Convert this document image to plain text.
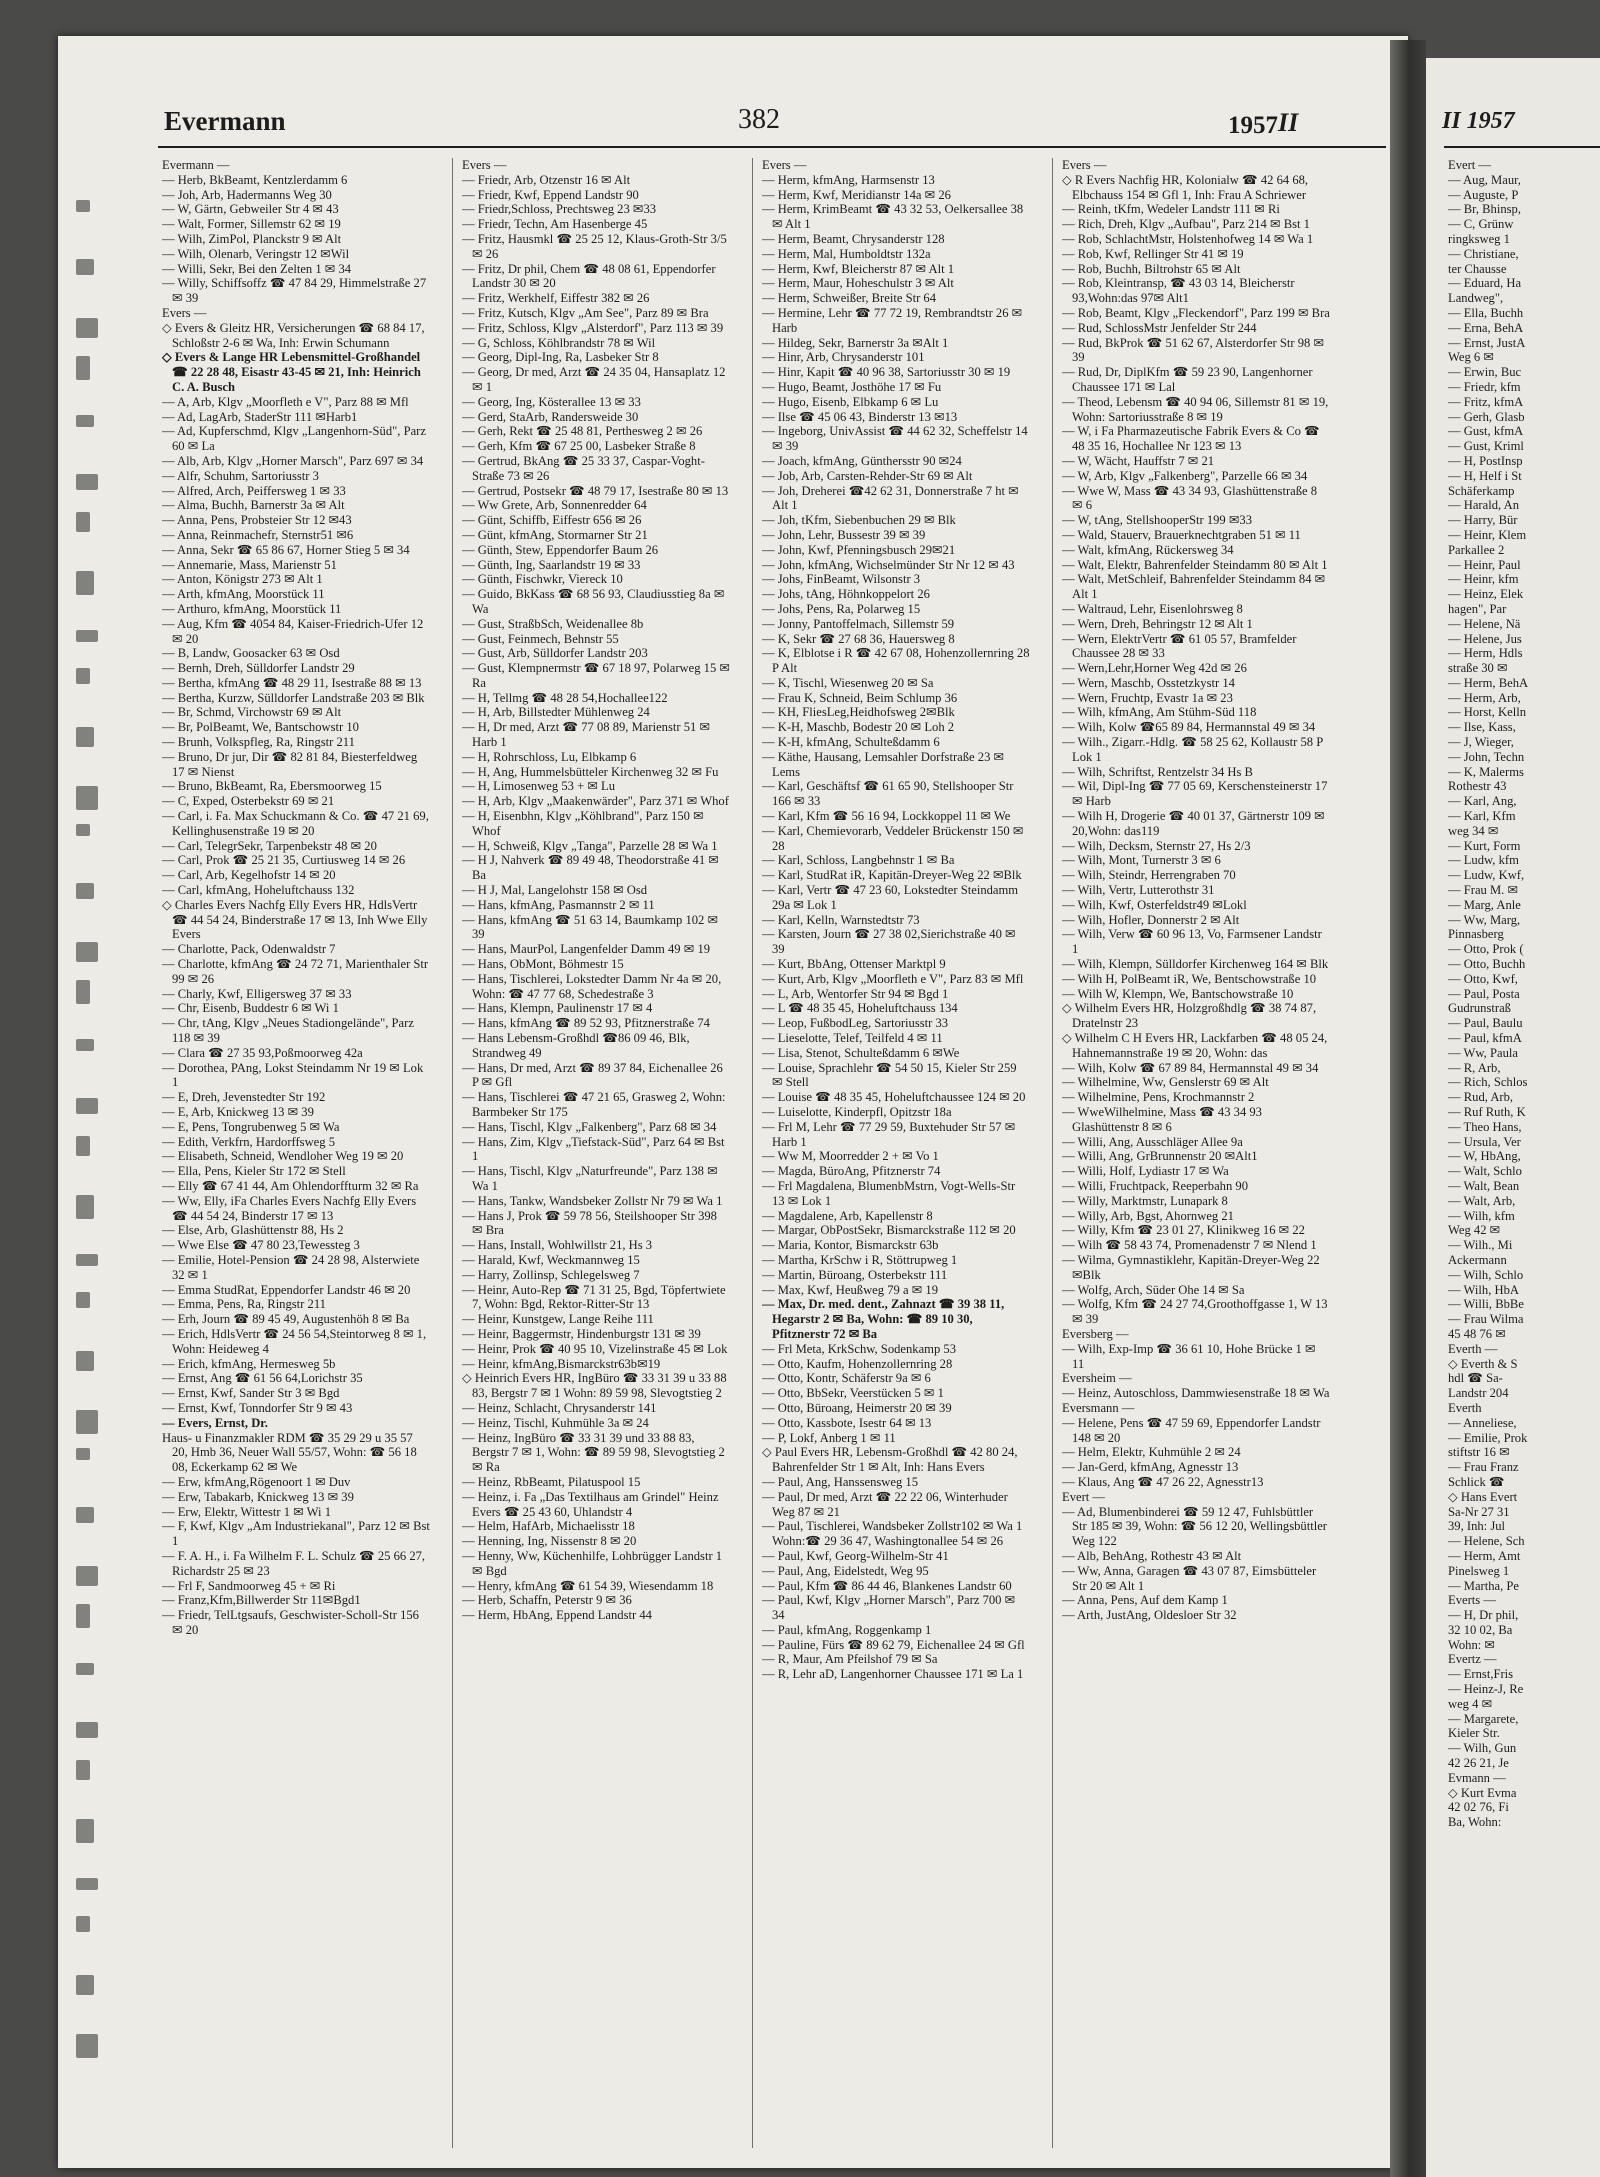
Evermann	382	1957 II

Evermann —

— Herb, BkBeamt, Kentzlerdamm 6

— Joh, Arb, Hadermanns Weg 30

— W, Gärtn, Gebweiler Str 4 ✉ 43

— Walt, Former, Sillemstr 62 ✉ 19

— Wilh, ZimPol, Planckstr 9 ✉ Alt

— Wilh, Olenarb, Veringstr 12 ✉Wil

— Willi, Sekr, Bei den Zelten 1 ✉ 34

— Willy, Schiffsoffz ☎ 47 84 29, Himmelstraße 27 ✉ 39

Evers —

◇ Evers & Gleitz HR, Versicherungen ☎ 68 84 17, Schloßstr 2-6 ✉ Wa, Inh: Erwin Schumann

◇ Evers & Lange HR Lebensmittel-Großhandel ☎ 22 28 48, Eisastr 43-45 ✉ 21, Inh: Heinrich C. A. Busch

— A, Arb, Klgv „Moorfleth e V", Parz 88 ✉ Mfl

— Ad, LagArb, StaderStr 111 ✉Harb1

— Ad, Kupferschmd, Klgv „Langenhorn-Süd", Parz 60 ✉ La

— Alb, Arb, Klgv „Horner Marsch", Parz 697 ✉ 34

— Alfr, Schuhm, Sartoriusstr 3

— Alfred, Arch, Peiffersweg 1 ✉ 33

— Alma, Buchh, Barnerstr 3a ✉ Alt

— Anna, Pens, Probsteier Str 12 ✉43

— Anna, Reinmachefr, Sternstr51 ✉6

— Anna, Sekr ☎ 65 86 67, Horner Stieg 5 ✉ 34

— Annemarie, Mass, Marienstr 51

— Anton, Königstr 273 ✉ Alt 1

— Arth, kfmAng, Moorstück 11

— Arthuro, kfmAng, Moorstück 11

— Aug, Kfm ☎ 4054 84, Kaiser-Friedrich-Ufer 12 ✉ 20

— B, Landw, Goosacker 63 ✉ Osd

— Bernh, Dreh, Sülldorfer Landstr 29

— Bertha, kfmAng ☎ 48 29 11, Isestraße 88 ✉ 13

— Bertha, Kurzw, Sülldorfer Landstraße 203 ✉ Blk

— Br, Schmd, Virchowstr 69 ✉ Alt

— Br, PolBeamt, We, Bantschowstr 10

— Brunh, Volkspfleg, Ra, Ringstr 211

— Bruno, Dr jur, Dir ☎ 82 81 84, Biesterfeldweg 17 ✉ Nienst

— Bruno, BkBeamt, Ra, Ebersmoorweg 15

— C, Exped, Osterbekstr 69 ✉ 21

— Carl, i. Fa. Max Schuckmann & Co. ☎ 47 21 69, Kellinghusenstraße 19 ✉ 20

— Carl, TelegrSekr, Tarpenbekstr 48 ✉ 20

— Carl, Prok ☎ 25 21 35, Curtiusweg 14 ✉ 26

— Carl, Arb, Kegelhofstr 14 ✉ 20

— Carl, kfmAng, Hoheluftchauss 132

◇ Charles Evers Nachfg Elly Evers HR, HdlsVertr ☎ 44 54 24, Binderstraße 17 ✉ 13, Inh Wwe Elly Evers

— Charlotte, Pack, Odenwaldstr 7

— Charlotte, kfmAng ☎ 24 72 71, Marienthaler Str 99 ✉ 26

— Charly, Kwf, Elligersweg 37 ✉ 33

— Chr, Eisenb, Buddestr 6 ✉ Wi 1

— Chr, tAng, Klgv „Neues Stadiongelände", Parz 118 ✉ 39

— Clara ☎ 27 35 93,Poßmoorweg 42a

— Dorothea, PAng, Lokst Steindamm Nr 19 ✉ Lok 1

— E, Dreh, Jevenstedter Str 192

— E, Arb, Knickweg 13 ✉ 39

— E, Pens, Tongrubenweg 5 ✉ Wa

— Edith, Verkfrn, Hardorffsweg 5

— Elisabeth, Schneid, Wendloher Weg 19 ✉ 20

— Ella, Pens, Kieler Str 172 ✉ Stell

— Elly ☎ 67 41 44, Am Ohlendorffturm 32 ✉ Ra

— Ww, Elly, iFa Charles Evers Nachfg Elly Evers ☎ 44 54 24, Binderstr 17 ✉ 13

— Else, Arb, Glashüttenstr 88, Hs 2

— Wwe Else ☎ 47 80 23,Tewessteg 3

— Emilie, Hotel-Pension ☎ 24 28 98, Alsterwiete 32 ✉ 1

— Emma StudRat, Eppendorfer Landstr 46 ✉ 20

— Emma, Pens, Ra, Ringstr 211

— Erh, Journ ☎ 89 45 49, Augustenhöh 8 ✉ Ba

— Erich, HdlsVertr ☎ 24 56 54,Steintorweg 8 ✉ 1, Wohn: Heideweg 4

— Erich, kfmAng, Hermesweg 5b

— Ernst, Ang ☎ 61 56 64,Lorichstr 35

— Ernst, Kwf, Sander Str 3 ✉ Bgd

— Ernst, Kwf, Tonndorfer Str 9 ✉ 43

— Evers, Ernst, Dr.

Haus- u Finanzmakler RDM ☎ 35 29 29 u 35 57 20, Hmb 36, Neuer Wall 55/57, Wohn: ☎ 56 18 08, Eckerkamp 62 ✉ We

— Erw, kfmAng,Rögenoort 1 ✉ Duv

— Erw, Tabakarb, Knickweg 13 ✉ 39

— Erw, Elektr, Wittestr 1 ✉ Wi 1

— F, Kwf, Klgv „Am Industriekanal", Parz 12 ✉ Bst 1

— F. A. H., i. Fa Wilhelm F. L. Schulz ☎ 25 66 27, Richardstr 25 ✉ 23

— Frl F, Sandmoorweg 45 + ✉ Ri

— Franz,Kfm,Billwerder Str 11✉Bgd1

— Friedr, TelLtgsaufs, Geschwister-Scholl-Str 156 ✉ 20

Evers —

— Friedr, Arb, Otzenstr 16 ✉ Alt

— Friedr, Kwf, Eppend Landstr 90

— Friedr,Schloss, Prechtsweg 23 ✉33

— Friedr, Techn, Am Hasenberge 45

— Fritz, Hausmkl ☎ 25 25 12, Klaus-Groth-Str 3/5 ✉ 26

— Fritz, Dr phil, Chem ☎ 48 08 61, Eppendorfer Landstr 30 ✉ 20

— Fritz, Werkhelf, Eiffestr 382 ✉ 26

— Fritz, Kutsch, Klgv „Am See", Parz 89 ✉ Bra

— Fritz, Schloss, Klgv „Alsterdorf", Parz 113 ✉ 39

— G, Schloss, Köhlbrandstr 78 ✉ Wil

— Georg, Dipl-Ing, Ra, Lasbeker Str 8

— Georg, Dr med, Arzt ☎ 24 35 04, Hansaplatz 12 ✉ 1

— Georg, Ing, Kösterallee 13 ✉ 33

— Gerd, StaArb, Randersweide 30

— Gerh, Rekt ☎ 25 48 81, Perthesweg 2 ✉ 26

— Gerh, Kfm ☎ 67 25 00, Lasbeker Straße 8

— Gertrud, BkAng ☎ 25 33 37, Caspar-Voght-Straße 73 ✉ 26

— Gertrud, Postsekr ☎ 48 79 17, Isestraße 80 ✉ 13

— Ww Grete, Arb, Sonnenredder 64

— Günt, Schiffb, Eiffestr 656 ✉ 26

— Günt, kfmAng, Stormarner Str 21

— Günth, Stew, Eppendorfer Baum 26

— Günth, Ing, Saarlandstr 19 ✉ 33

— Günth, Fischwkr, Viereck 10

— Guido, BkKass ☎ 68 56 93, Claudiusstieg 8a ✉ Wa

— Gust, StraßbSch, Weidenallee 8b

— Gust, Feinmech, Behnstr 55

— Gust, Arb, Sülldorfer Landstr 203

— Gust, Klempnermstr ☎ 67 18 97, Polarweg 15 ✉ Ra

— H, Tellmg ☎ 48 28 54,Hochallee122

— H, Arb, Billstedter Mühlenweg 24

— H, Dr med, Arzt ☎ 77 08 89, Marienstr 51 ✉ Harb 1

— H, Rohrschloss, Lu, Elbkamp 6

— H, Ang, Hummelsbütteler Kirchenweg 32 ✉ Fu

— H, Limosenweg 53 + ✉ Lu

— H, Arb, Klgv „Maakenwärder", Parz 371 ✉ Whof

— H, Eisenbhn, Klgv „Köhlbrand", Parz 150 ✉ Whof

— H, Schweiß, Klgv „Tanga", Parzelle 28 ✉ Wa 1

— H J, Nahverk ☎ 89 49 48, Theodorstraße 41 ✉ Ba

— H J, Mal, Langelohstr 158 ✉ Osd

— Hans, kfmAng, Pasmannstr 2 ✉ 11

— Hans, kfmAng ☎ 51 63 14, Baumkamp 102 ✉ 39

— Hans, MaurPol, Langenfelder Damm 49 ✉ 19

— Hans, ObMont, Böhmestr 15

— Hans, Tischlerei, Lokstedter Damm Nr 4a ✉ 20, Wohn: ☎ 47 77 68, Schedestraße 3

— Hans, Klempn, Paulinenstr 17 ✉ 4

— Hans, kfmAng ☎ 89 52 93, Pfitznerstraße 74

— Hans Lebensm-Großhdl ☎86 09 46, Blk, Strandweg 49

— Hans, Dr med, Arzt ☎ 89 37 84, Eichenallee 26 P ✉ Gfl

— Hans, Tischlerei ☎ 47 21 65, Grasweg 2, Wohn: Barmbeker Str 175

— Hans, Tischl, Klgv „Falkenberg", Parz 68 ✉ 34

— Hans, Zim, Klgv „Tiefstack-Süd", Parz 64 ✉ Bst 1

— Hans, Tischl, Klgv „Naturfreunde", Parz 138 ✉ Wa 1

— Hans, Tankw, Wandsbeker Zollstr Nr 79 ✉ Wa 1

— Hans J, Prok ☎ 59 78 56, Steilshooper Str 398 ✉ Bra

— Hans, Install, Wohlwillstr 21, Hs 3

— Harald, Kwf, Weckmannweg 15

— Harry, Zollinsp, Schlegelsweg 7

— Heinr, Auto-Rep ☎ 71 31 25, Bgd, Töpfertwiete 7, Wohn: Bgd, Rektor-Ritter-Str 13

— Heinr, Kunstgew, Lange Reihe 111

— Heinr, Baggermstr, Hindenburgstr 131 ✉ 39

— Heinr, Prok ☎ 40 95 10, Vizelinstraße 45 ✉ Lok

— Heinr, kfmAng,Bismarckstr63b✉19

◇ Heinrich Evers HR, IngBüro ☎ 33 31 39 u 33 88 83, Bergstr 7 ✉ 1 Wohn: 89 59 98, Slevogtstieg 2

— Heinz, Schlacht, Chrysanderstr 141

— Heinz, Tischl, Kuhmühle 3a ✉ 24

— Heinz, IngBüro ☎ 33 31 39 und 33 88 83, Bergstr 7 ✉ 1, Wohn: ☎ 89 59 98, Slevogtstieg 2 ✉ Ra

— Heinz, RbBeamt, Pilatuspool 15

— Heinz, i. Fa „Das Textilhaus am Grindel" Heinz Evers ☎ 25 43 60, Uhlandstr 4

— Helm, HafArb, Michaelisstr 18

— Henning, Ing, Nissenstr 8 ✉ 20

— Henny, Ww, Küchenhilfe, Lohbrügger Landstr 1 ✉ Bgd

— Henry, kfmAng ☎ 61 54 39, Wiesendamm 18

— Herb, Schaffn, Peterstr 9 ✉ 36

— Herm, HbAng, Eppend Landstr 44

Evers —

— Herm, kfmAng, Harmsenstr 13

— Herm, Kwf, Meridianstr 14a ✉ 26

— Herm, KrimBeamt ☎ 43 32 53, Oelkersallee 38 ✉ Alt 1

— Herm, Beamt, Chrysanderstr 128

— Herm, Mal, Humboldtstr 132a

— Herm, Kwf, Bleicherstr 87 ✉ Alt 1

— Herm, Maur, Hoheschulstr 3 ✉ Alt

— Herm, Schweißer, Breite Str 64

— Hermine, Lehr ☎ 77 72 19, Rembrandtstr 26 ✉ Harb

— Hildeg, Sekr, Barnerstr 3a ✉Alt 1

— Hinr, Arb, Chrysanderstr 101

— Hinr, Kapit ☎ 40 96 38, Sartoriusstr 30 ✉ 19

— Hugo, Beamt, Josthöhe 17 ✉ Fu

— Hugo, Eisenb, Elbkamp 6 ✉ Lu

— Ilse ☎ 45 06 43, Binderstr 13 ✉13

— Ingeborg, UnivAssist ☎ 44 62 32, Scheffelstr 14 ✉ 39

— Joach, kfmAng, Günthersstr 90 ✉24

— Job, Arb, Carsten-Rehder-Str 69 ✉ Alt

— Joh, Dreherei ☎42 62 31, Donnerstraße 7 ht ✉ Alt 1

— Joh, tKfm, Siebenbuchen 29 ✉ Blk

— John, Lehr, Bussestr 39 ✉ 39

— John, Kwf, Pfenningsbusch 29✉21

— John, kfmAng, Wichselmünder Str Nr 12 ✉ 43

— Johs, FinBeamt, Wilsonstr 3

— Johs, tAng, Höhnkoppelort 26

— Johs, Pens, Ra, Polarweg 15

— Jonny, Pantoffelmach, Sillemstr 59

— K, Sekr ☎ 27 68 36, Hauersweg 8

— K, Elblotse i R ☎ 42 67 08, Hohenzollernring 28 P Alt

— K, Tischl, Wiesenweg 20 ✉ Sa

— Frau K, Schneid, Beim Schlump 36

— KH, FliesLeg,Heidhofsweg 2✉Blk

— K-H, Maschb, Bodestr 20 ✉ Loh 2

— K-H, kfmAng, Schulteßdamm 6

— Käthe, Hausang, Lemsahler Dorfstraße 23 ✉ Lems

— Karl, Geschäftsf ☎ 61 65 90, Stellshooper Str 166 ✉ 33

— Karl, Kfm ☎ 56 16 94, Lockkoppel 11 ✉ We

— Karl, Chemievorarb, Veddeler Brückenstr 150 ✉ 28

— Karl, Schloss, Langbehnstr 1 ✉ Ba

— Karl, StudRat iR, Kapitän-Dreyer-Weg 22 ✉Blk

— Karl, Vertr ☎ 47 23 60, Lokstedter Steindamm 29a ✉ Lok 1

— Karl, Kelln, Warnstedtstr 73

— Karsten, Journ ☎ 27 38 02,Sierichstraße 40 ✉ 39

— Kurt, BbAng, Ottenser Marktpl 9

— Kurt, Arb, Klgv „Moorfleth e V", Parz 83 ✉ Mfl

— L, Arb, Wentorfer Str 94 ✉ Bgd 1

— L ☎ 48 35 45, Hoheluftchauss 134

— Leop, FußbodLeg, Sartoriusstr 33

— Lieselotte, Telef, Teilfeld 4 ✉ 11

— Lisa, Stenot, Schulteßdamm 6 ✉We

— Louise, Sprachlehr ☎ 54 50 15, Kieler Str 259 ✉ Stell

— Louise ☎ 48 35 45, Hoheluftchaussee 124 ✉ 20

— Luiselotte, Kinderpfl, Opitzstr 18a

— Frl M, Lehr ☎ 77 29 59, Buxtehuder Str 57 ✉ Harb 1

— Ww M, Moorredder 2 + ✉ Vo 1

— Magda, BüroAng, Pfitznerstr 74

— Frl Magdalena, BlumenbMstrn, Vogt-Wells-Str 13 ✉ Lok 1

— Magdalene, Arb, Kapellenstr 8

— Margar, ObPostSekr, Bismarckstraße 112 ✉ 20

— Maria, Kontor, Bismarckstr 63b

— Martha, KrSchw i R, Stöttrupweg 1

— Martin, Büroang, Osterbekstr 111

— Max, Kwf, Heußweg 79 a ✉ 19

— Max, Dr. med. dent., Zahnazt ☎ 39 38 11, Hegarstr 2 ✉ Ba, Wohn: ☎ 89 10 30, Pfitznerstr 72 ✉ Ba

— Frl Meta, KrkSchw, Sodenkamp 53

— Otto, Kaufm, Hohenzollernring 28

— Otto, Kontr, Schäferstr 9a ✉ 6

— Otto, BbSekr, Veerstücken 5 ✉ 1

— Otto, Büroang, Heimerstr 20 ✉ 39

— Otto, Kassbote, Isestr 64 ✉ 13

— P, Lokf, Anberg 1 ✉ 11

◇ Paul Evers HR, Lebensm-Großhdl ☎ 42 80 24, Bahrenfelder Str 1 ✉ Alt, Inh: Hans Evers

— Paul, Ang, Hanssensweg 15

— Paul, Dr med, Arzt ☎ 22 22 06, Winterhuder Weg 87 ✉ 21

— Paul, Tischlerei, Wandsbeker Zollstr102 ✉ Wa 1 Wohn:☎ 29 36 47, Washingtonallee 54 ✉ 26

— Paul, Kwf, Georg-Wilhelm-Str 41

— Paul, Ang, Eidelstedt, Weg 95

— Paul, Kfm ☎ 86 44 46, Blankenes Landstr 60

— Paul, Kwf, Klgv „Horner Marsch", Parz 700 ✉ 34

— Paul, kfmAng, Roggenkamp 1

— Pauline, Fürs ☎ 89 62 79, Eichenallee 24 ✉ Gfl

— R, Maur, Am Pfeilshof 79 ✉ Sa

— R, Lehr aD, Langenhorner Chaussee 171 ✉ La 1

Evers —

◇ R Evers Nachfig HR, Kolonialw ☎ 42 64 68, Elbchauss 154 ✉ Gfl 1, Inh: Frau A Schriewer

— Reinh, tKfm, Wedeler Landstr 111 ✉ Ri

— Rich, Dreh, Klgv „Aufbau", Parz 214 ✉ Bst 1

— Rob, SchlachtMstr, Holstenhofweg 14 ✉ Wa 1

— Rob, Kwf, Rellinger Str 41 ✉ 19

— Rob, Buchh, Biltrohstr 65 ✉ Alt

— Rob, Kleintransp, ☎ 43 03 14, Bleicherstr 93,Wohn:das 97✉ Alt1

— Rob, Beamt, Klgv „Fleckendorf", Parz 199 ✉ Bra

— Rud, SchlossMstr Jenfelder Str 244

— Rud, BkProk ☎ 51 62 67, Alsterdorfer Str 98 ✉ 39

— Rud, Dr, DiplKfm ☎ 59 23 90, Langenhorner Chaussee 171 ✉ Lal

— Theod, Lebensm ☎ 40 94 06, Sillemstr 81 ✉ 19, Wohn: Sartoriusstraße 8 ✉ 19

— W, i Fa Pharmazeutische Fabrik Evers & Co ☎ 48 35 16, Hochallee Nr 123 ✉ 13

— W, Wächt, Hauffstr 7 ✉ 21

— W, Arb, Klgv „Falkenberg", Parzelle 66 ✉ 34

— Wwe W, Mass ☎ 43 34 93, Glashüttenstraße 8 ✉ 6

— W, tAng, StellshooperStr 199 ✉33

— Wald, Stauerv, Brauerknechtgraben 51 ✉ 11

— Walt, kfmAng, Rückersweg 34

— Walt, Elektr, Bahrenfelder Steindamm 80 ✉ Alt 1

— Walt, MetSchleif, Bahrenfelder Steindamm 84 ✉ Alt 1

— Waltraud, Lehr, Eisenlohrsweg 8

— Wern, Dreh, Behringstr 12 ✉ Alt 1

— Wern, ElektrVertr ☎ 61 05 57, Bramfelder Chaussee 28 ✉ 33

— Wern,Lehr,Horner Weg 42d ✉ 26

— Wern, Maschb, Osstetzkystr 14

— Wern, Fruchtp, Evastr 1a ✉ 23

— Wilh, kfmAng, Am Stühm-Süd 118

— Wilh, Kolw ☎65 89 84, Hermannstal 49 ✉ 34

— Wilh., Zigarr.-Hdlg. ☎ 58 25 62, Kollaustr 58 P Lok 1

— Wilh, Schriftst, Rentzelstr 34 Hs B

— Wil, Dipl-Ing ☎ 77 05 69, Kerschensteinerstr 17 ✉ Harb

— Wilh H, Drogerie ☎ 40 01 37, Gärtnerstr 109 ✉ 20,Wohn: das119

— Wilh, Decksm, Sternstr 27, Hs 2/3

— Wilh, Mont, Turnerstr 3 ✉ 6

— Wilh, Steindr, Herrengraben 70

— Wilh, Vertr, Lutterothstr 31

— Wilh, Kwf, Osterfeldstr49 ✉Lokl

— Wilh, Hofler, Donnerstr 2 ✉ Alt

— Wilh, Verw ☎ 60 96 13, Vo, Farmsener Landstr 1

— Wilh, Klempn, Sülldorfer Kirchenweg 164 ✉ Blk

— Wilh H, PolBeamt iR, We, Bentschowstraße 10

— Wilh W, Klempn, We, Bantschowstraße 10

◇ Wilhelm Evers HR, Holzgroßhdlg ☎ 38 74 87, Dratelnstr 23

◇ Wilhelm C H Evers HR, Lackfarben ☎ 48 05 24, Hahnemannstraße 19 ✉ 20, Wohn: das

— Wilh, Kolw ☎ 67 89 84, Hermannstal 49 ✉ 34

— Wilhelmine, Ww, Genslerstr 69 ✉ Alt

— Wilhelmine, Pens, Krochmannstr 2

— WweWilhelmine, Mass ☎ 43 34 93 Glashüttenstr 8 ✉ 6

— Willi, Ang, Ausschläger Allee 9a

— Willi, Ang, GrBrunnenstr 20 ✉Alt1

— Willi, Holf, Lydiastr 17 ✉ Wa

— Willi, Fruchtpack, Reeperbahn 90

— Willy, Marktmstr, Lunapark 8

— Willy, Arb, Bgst, Ahornweg 21

— Willy, Kfm ☎ 23 01 27, Klinikweg 16 ✉ 22

— Wilh ☎ 58 43 74, Promenadenstr 7 ✉ Nlend 1

— Wilma, Gymnastiklehr, Kapitän-Dreyer-Weg 22 ✉Blk

— Wolfg, Arch, Süder Ohe 14 ✉ Sa

— Wolfg, Kfm ☎ 24 27 74,Groothoffgasse 1, W 13 ✉ 39

Eversberg —

— Wilh, Exp-Imp ☎ 36 61 10, Hohe Brücke 1 ✉ 11

Eversheim —

— Heinz, Autoschloss, Dammwiesenstraße 18 ✉ Wa

Eversmann —

— Helene, Pens ☎ 47 59 69, Eppendorfer Landstr 148 ✉ 20

— Helm, Elektr, Kuhmühle 2 ✉ 24

— Jan-Gerd, kfmAng, Agnesstr 13

— Klaus, Ang ☎ 47 26 22, Agnesstr13

Evert —

— Ad, Blumenbinderei ☎ 59 12 47, Fuhlsbüttler Str 185 ✉ 39, Wohn: ☎ 56 12 20, Wellingsbüttler Weg 122

— Alb, BehAng, Rothestr 43 ✉ Alt

— Ww, Anna, Garagen ☎ 43 07 87, Eimsbütteler Str 20 ✉ Alt 1

— Anna, Pens, Auf dem Kamp 1

— Arth, JustAng, Oldesloer Str 32

II 1957
Evert —
— Aug, Maur,
— Auguste, P
— Br, Bhinsp,
— C, Grünw
ringksweg 1
— Christiane,
ter Chausse
— Eduard, Ha
Landweg",
— Ella, Buchh
— Erna, BehA
— Ernst, JustA
Weg 6 ✉
— Erwin, Buc
— Friedr, kfm
— Fritz, kfmA
— Gerh, Glasb
— Gust, kfmA
— Gust, Kriml
— H, PostInsp
— H, Helf i St
Schäferkamp
— Harald, An
— Harry, Bür
— Heinr, Klem
Parkallee 2
— Heinr, Paul
— Heinr, kfm
— Heinz, Elek
hagen", Par
— Helene, Nä
— Helene, Jus
— Herm, Hdls
straße 30 ✉
— Herm, BehA
— Herm, Arb,
— Horst, Kelln
— Ilse, Kass,
— J, Wieger,
— John, Techn
— K, Malerms
Rothestr 43
— Karl, Ang,
— Karl, Kfm
weg 34 ✉
— Kurt, Form
— Ludw, kfm
— Ludw, Kwf,
— Frau M. ✉
— Marg, Anle
— Ww, Marg,
Pinnasberg
— Otto, Prok (
— Otto, Buchh
— Otto, Kwf,
— Paul, Posta
Gudrunstraß
— Paul, Baulu
— Paul, kfmA
— Ww, Paula
— R, Arb,
— Rich, Schlos
— Rud, Arb,
— Ruf Ruth, K
— Theo Hans,
— Ursula, Ver
— W, HbAng,
— Walt, Schlo
— Walt, Bean
— Walt, Arb,
— Wilh, kfm
Weg 42 ✉
— Wilh., Mi
Ackermann
— Wilh, Schlo
— Wilh, HbA
— Willi, BbBe
— Frau Wilma
45 48 76 ✉
Everth —
◇ Everth & S
hdl ☎ Sa-
Landstr 204
Everth
— Anneliese,
— Emilie, Prok
stiftstr 16 ✉
— Frau Franz
Schlick ☎
◇ Hans Evert
Sa-Nr 27 31
39, Inh: Jul
— Helene, Sch
— Herm, Amt
Pinelsweg 1
— Martha, Pe
Everts —
— H, Dr phil,
32 10 02, Ba
Wohn: ✉
Evertz —
— Ernst,Fris
— Heinz-J, Re
weg 4 ✉
— Margarete,
Kieler Str.
— Wilh, Gun
42 26 21, Je
Evmann —
◇ Kurt Evma
42 02 76, Fi
Ba, Wohn:
